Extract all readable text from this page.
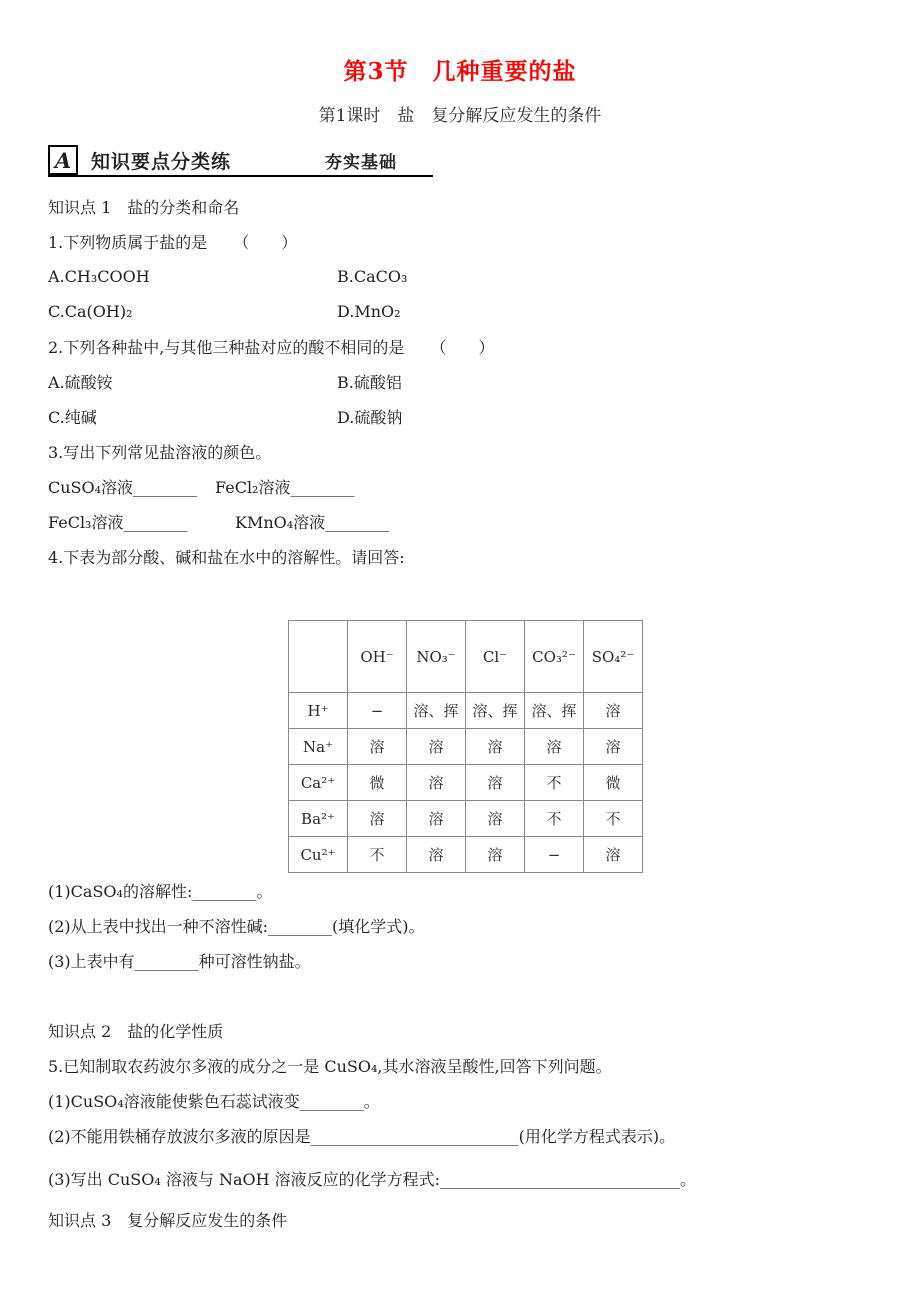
第3节　几种重要的盐
第1课时　盐　复分解反应发生的条件
A	知识要点分类练	夯实基础
知识点 1　盐的分类和命名
1.下列物质属于盐的是 （　　）
A.CH₃COOH	B.CaCO₃
C.Ca(OH)₂	D.MnO₂
2.下列各种盐中,与其他三种盐对应的酸不相同的是 （　　）
A.硫酸铵	B.硫酸铝
C.纯碱	D.硫酸钠
3.写出下列常见盐溶液的颜色。
CuSO₄溶液________	FeCl₂溶液________
FeCl₃溶液________	KMnO₄溶液________
4.下表为部分酸、碱和盐在水中的溶解性。请回答:
	OH⁻	NO₃⁻	Cl⁻	CO₃²⁻	SO₄²⁻
H⁺	−	溶、挥	溶、挥	溶、挥	溶
Na⁺	溶	溶	溶	溶	溶
Ca²⁺	微	溶	溶	不	微
Ba²⁺	溶	溶	溶	不	不
Cu²⁺	不	溶	溶	−	溶
(1)CaSO₄的溶解性:________。
(2)从上表中找出一种不溶性碱:________(填化学式)。
(3)上表中有________种可溶性钠盐。
知识点 2　盐的化学性质
5.已知制取农药波尔多液的成分之一是 CuSO₄,其水溶液呈酸性,回答下列问题。
(1)CuSO₄溶液能使紫色石蕊试液变________。
(2)不能用铁桶存放波尔多液的原因是__________________________(用化学方程式表示)。
(3)写出 CuSO₄ 溶液与 NaOH 溶液反应的化学方程式:______________________________。
知识点 3　复分解反应发生的条件
